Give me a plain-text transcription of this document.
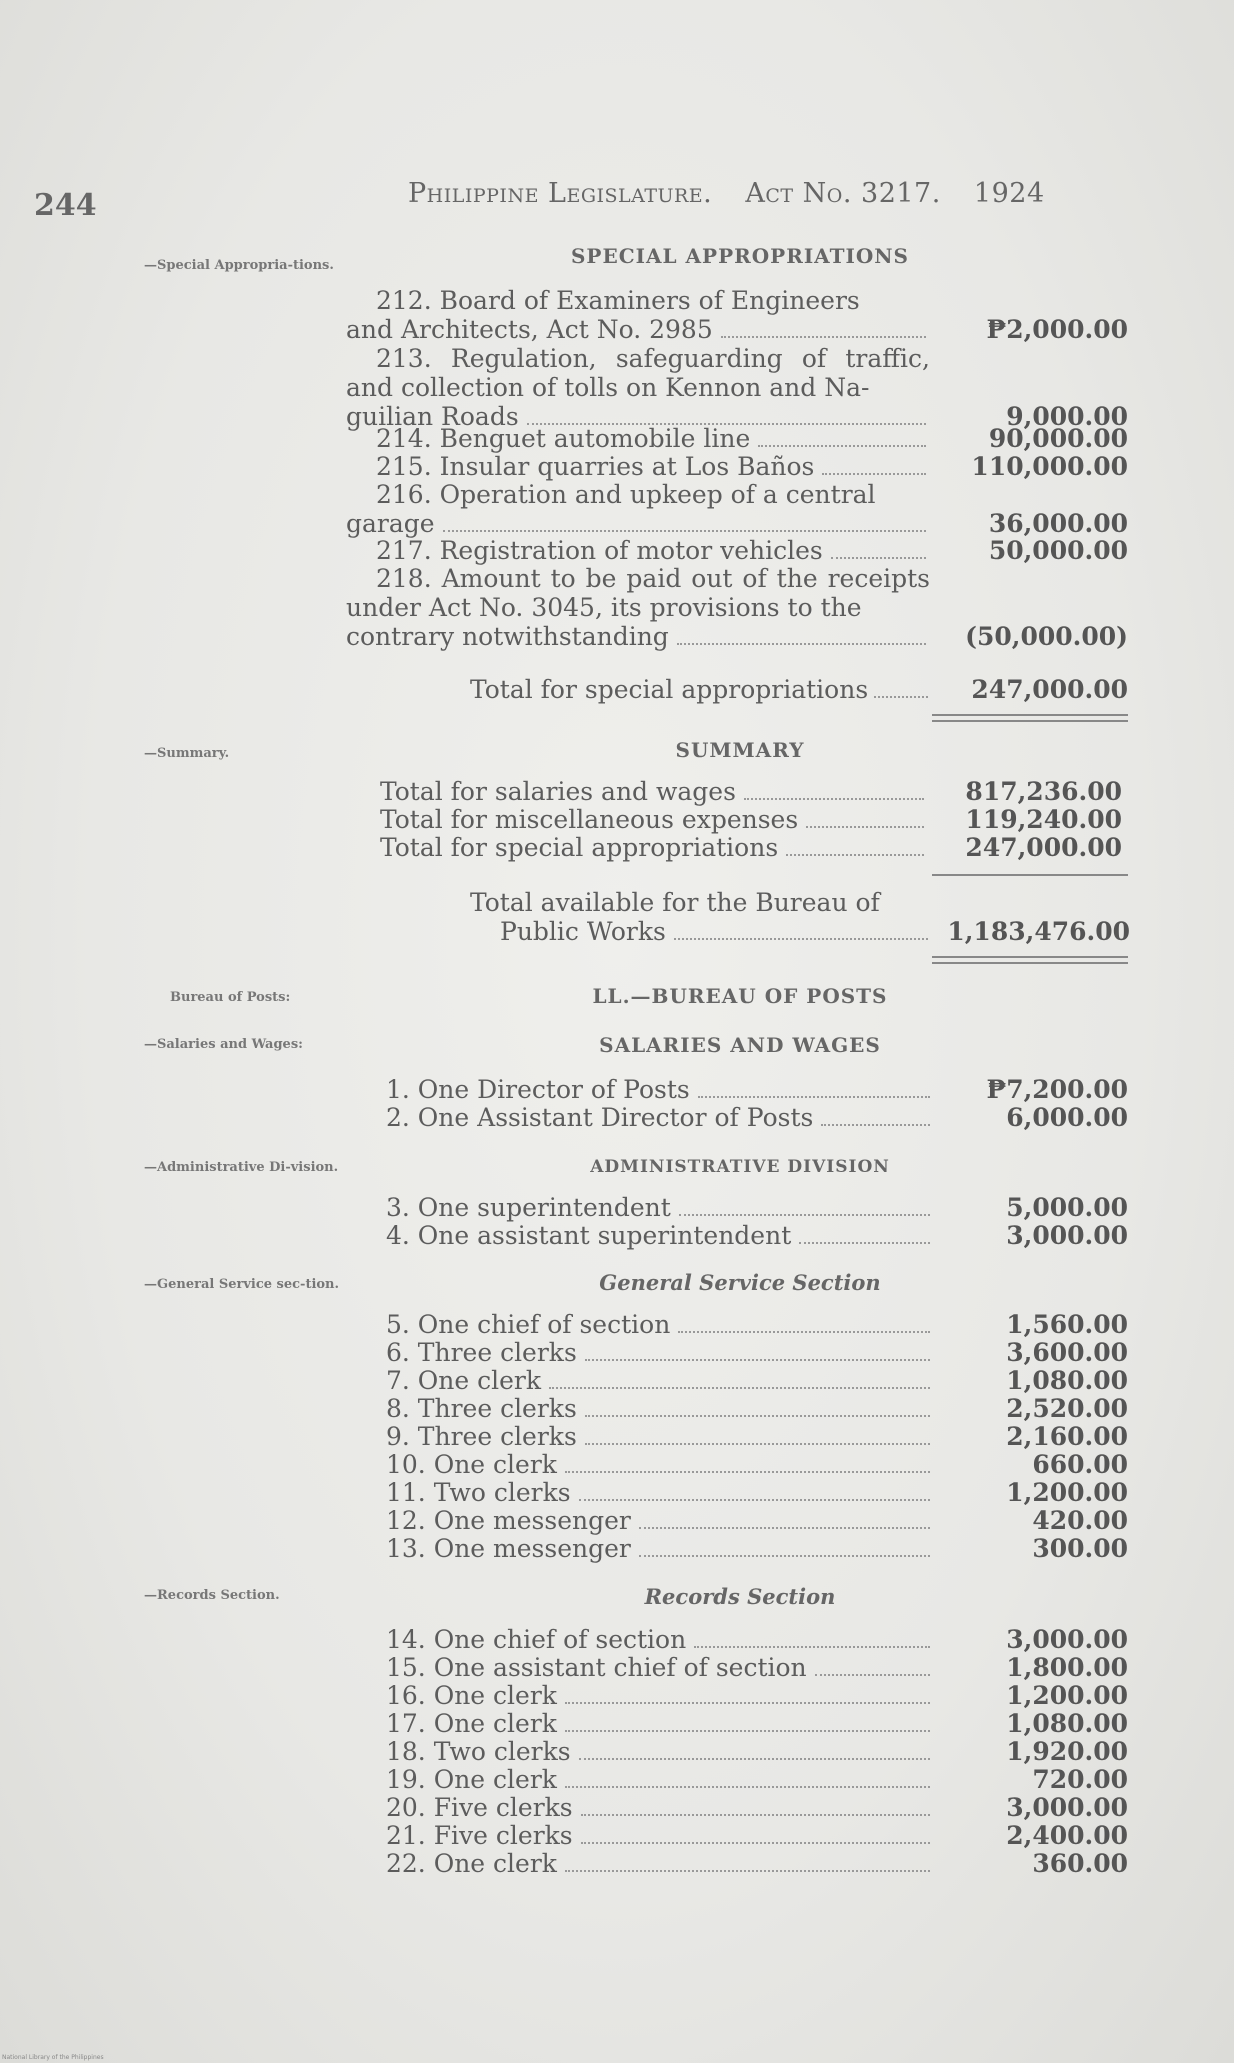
244	Philippine Legislature. Act No. 3217. 1924
—Special Appropria-tions.
—Summary.
Bureau of Posts:
—Salaries and Wages:
—Administrative Di-vision.
—General Service sec-tion.
—Records Section.
SPECIAL APPROPRIATIONS
SUMMARY
LL.—BUREAU OF POSTS
SALARIES AND WAGES
ADMINISTRATIVE DIVISION
General Service Section
Records Section
212. Board of Examiners of Engineers
and Architects, Act No. 2985	₱2,000.00
213. Regulation, safeguarding of traffic, and collection of tolls on Kennon and Na-
guilian Roads	9,000.00
214. Benguet automobile line	90,000.00
215. Insular quarries at Los Baños	110,000.00
216. Operation and upkeep of a central
garage	36,000.00
217. Registration of motor vehicles	50,000.00
218. Amount to be paid out of the receipts under Act No. 3045, its provisions to the
contrary notwithstanding	(50,000.00)
Total for special appropriations	247,000.00
Total for salaries and wages	817,236.00
Total for miscellaneous expenses	119,240.00
Total for special appropriations	247,000.00
Total available for the Bureau of
Public Works	1,183,476.00
1. One Director of Posts	₱7,200.00
2. One Assistant Director of Posts	6,000.00
3. One superintendent	5,000.00
4. One assistant superintendent	3,000.00
5. One chief of section	1,560.00
6. Three clerks	3,600.00
7. One clerk	1,080.00
8. Three clerks	2,520.00
9. Three clerks	2,160.00
10. One clerk	660.00
11. Two clerks	1,200.00
12. One messenger	420.00
13. One messenger	300.00
14. One chief of section	3,000.00
15. One assistant chief of section	1,800.00
16. One clerk	1,200.00
17. One clerk	1,080.00
18. Two clerks	1,920.00
19. One clerk	720.00
20. Five clerks	3,000.00
21. Five clerks	2,400.00
22. One clerk	360.00
National Library of the Philippines
